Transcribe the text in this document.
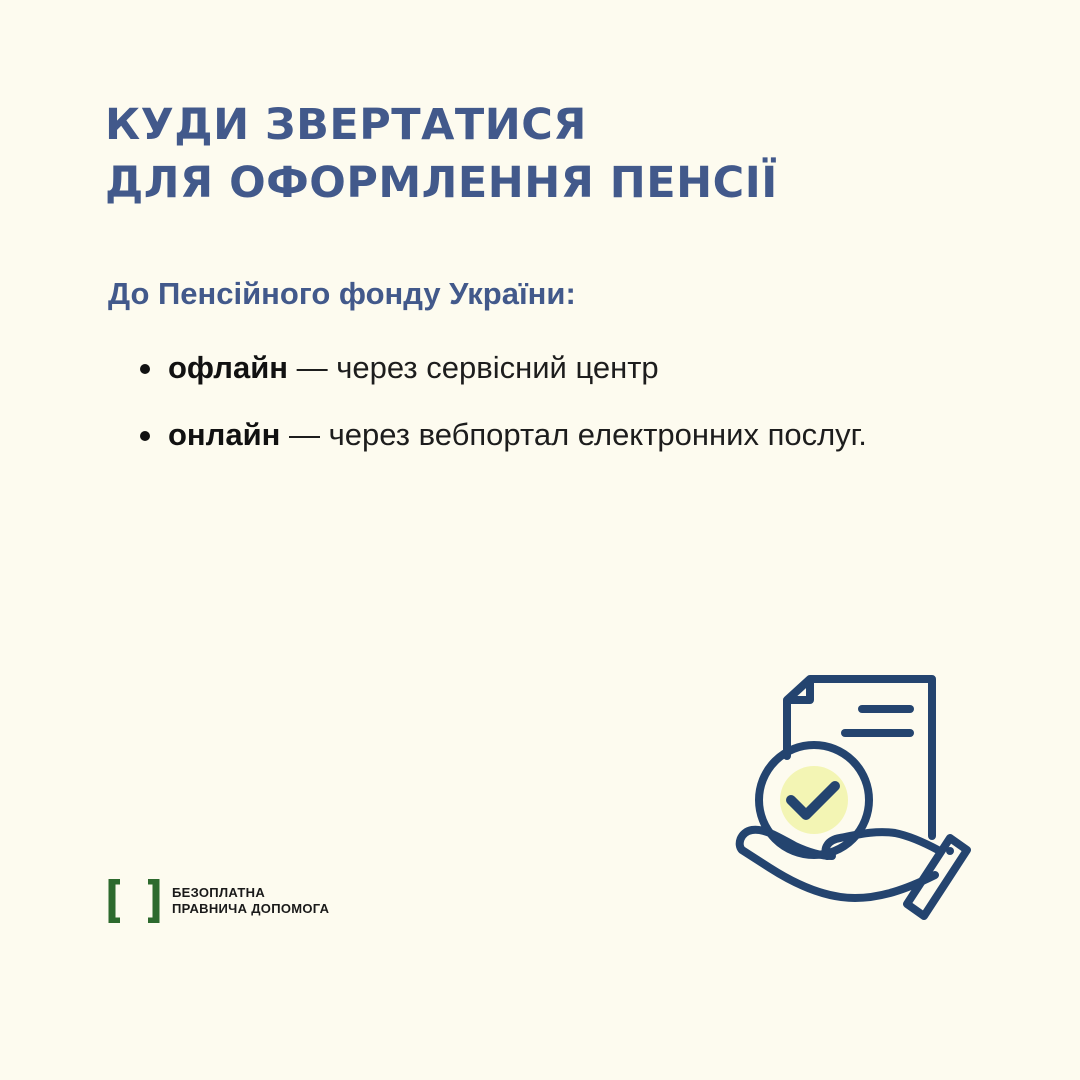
КУДИ ЗВЕРТАТИСЯ
ДЛЯ ОФОРМЛЕННЯ ПЕНСІЇ

До Пенсійного фонду України:

офлайн — через сервісний центр
онлайн — через вебпортал електронних послуг.
БЕЗОПЛАТНА
ПРАВНИЧА ДОПОМОГА
